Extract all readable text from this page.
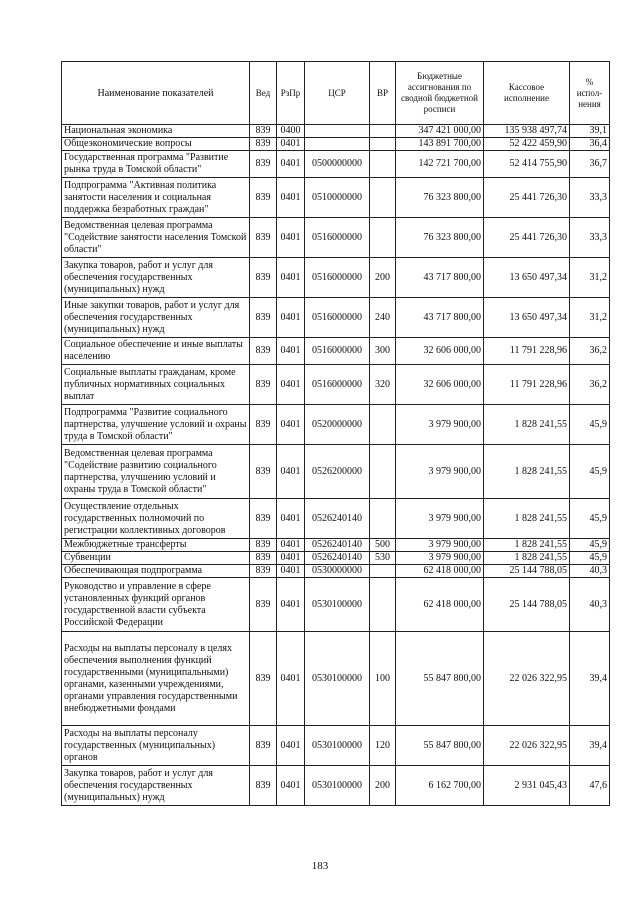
Наименование показателей	Вед	РзПр	ЦСР	ВР	Бюджетные ассигнования по сводной бюджетной росписи	Кассовое исполнение	% испол-нения
Национальная экономика	839	0400			347 421 000,00	135 938 497,74	39,1
Общеэкономические вопросы	839	0401			143 891 700,00	52 422 459,90	36,4
Государственная программа "Развитие рынка труда в Томской области"	839	0401	0500000000		142 721 700,00	52 414 755,90	36,7
Подпрограмма "Активная политика занятости населения и социальная поддержка безработных граждан"	839	0401	0510000000		76 323 800,00	25 441 726,30	33,3
Ведомственная целевая программа "Содействие занятости населения Томской области"	839	0401	0516000000		76 323 800,00	25 441 726,30	33,3
Закупка товаров, работ и услуг для обеспечения государственных (муниципальных) нужд	839	0401	0516000000	200	43 717 800,00	13 650 497,34	31,2
Иные закупки товаров, работ и услуг для обеспечения государственных (муниципальных) нужд	839	0401	0516000000	240	43 717 800,00	13 650 497,34	31,2
Социальное обеспечение и иные выплаты населению	839	0401	0516000000	300	32 606 000,00	11 791 228,96	36,2
Социальные выплаты гражданам, кроме публичных нормативных социальных выплат	839	0401	0516000000	320	32 606 000,00	11 791 228,96	36,2
Подпрограмма "Развитие социального партнерства, улучшение условий и охраны труда в Томской области"	839	0401	0520000000		3 979 900,00	1 828 241,55	45,9
Ведомственная целевая программа "Содействие развитию социального партнерства, улучшению условий и охраны труда в Томской области"	839	0401	0526200000		3 979 900,00	1 828 241,55	45,9
Осуществление отдельных государственных полномочий по регистрации коллективных договоров	839	0401	0526240140		3 979 900,00	1 828 241,55	45,9
Межбюджетные трансферты	839	0401	0526240140	500	3 979 900,00	1 828 241,55	45,9
Субвенции	839	0401	0526240140	530	3 979 900,00	1 828 241,55	45,9
Обеспечивающая подпрограмма	839	0401	0530000000		62 418 000,00	25 144 788,05	40,3
Руководство и управление в сфере установленных функций органов государственной власти субъекта Российской Федерации	839	0401	0530100000		62 418 000,00	25 144 788,05	40,3
Расходы на выплаты персоналу в целях обеспечения выполнения функций государственными (муниципальными) органами, казенными учреждениями, органами управления государственными внебюджетными фондами	839	0401	0530100000	100	55 847 800,00	22 026 322,95	39,4
Расходы на выплаты персоналу государственных (муниципальных) органов	839	0401	0530100000	120	55 847 800,00	22 026 322,95	39,4
Закупка товаров, работ и услуг для обеспечения государственных (муниципальных) нужд	839	0401	0530100000	200	6 162 700,00	2 931 045,43	47,6
183
